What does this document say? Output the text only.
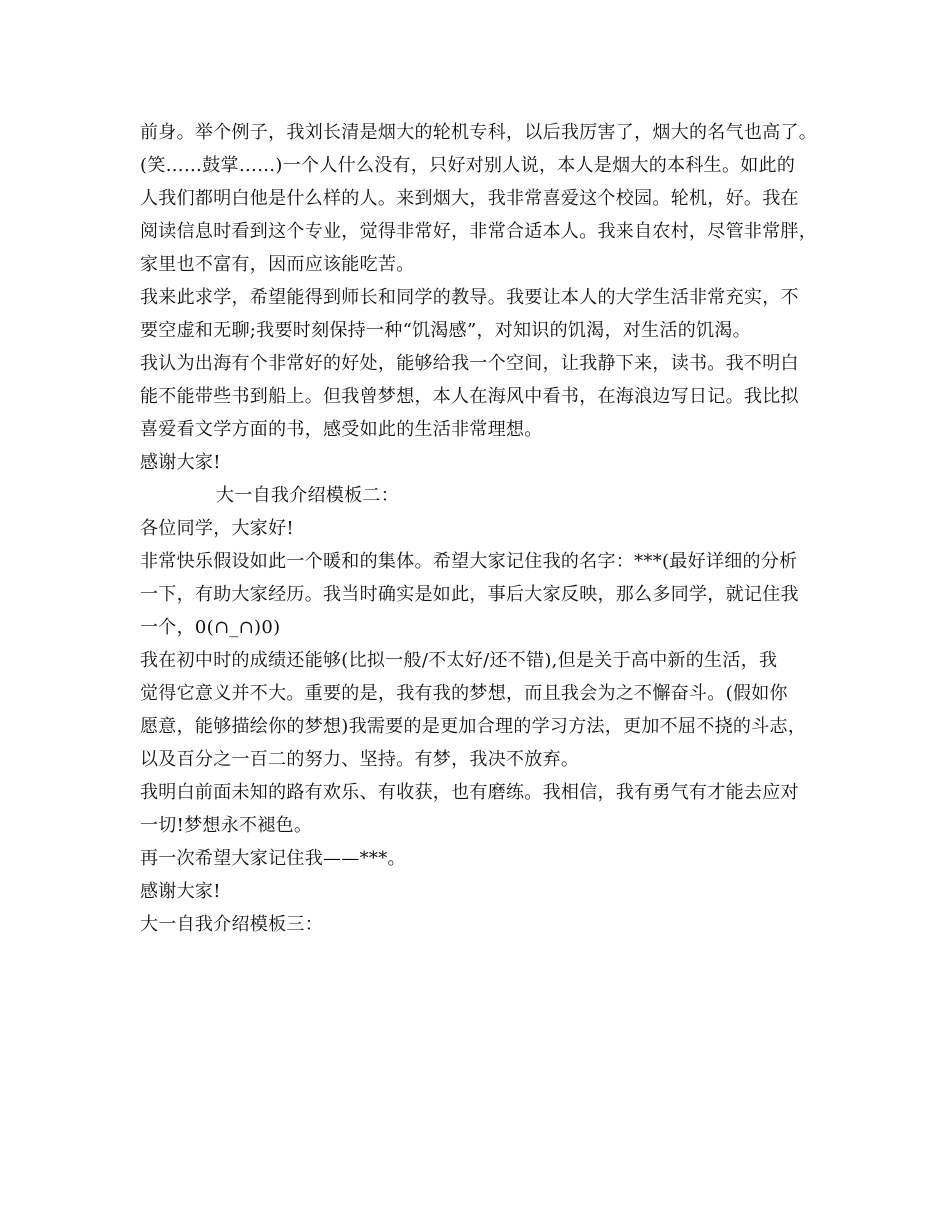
前身。举个例子，我刘长清是烟大的轮机专科，以后我厉害了，烟大的名气也高了。
(笑……鼓掌……)一个人什么没有，只好对别人说，本人是烟大的本科生。如此的
人我们都明白他是什么样的人。来到烟大，我非常喜爱这个校园。轮机，好。我在
阅读信息时看到这个专业，觉得非常好，非常合适本人。我来自农村，尽管非常胖，
家里也不富有，因而应该能吃苦。

我来此求学，希望能得到师长和同学的教导。我要让本人的大学生活非常充实，不
要空虚和无聊;我要时刻保持一种“饥渴感”，对知识的饥渴，对生活的饥渴。

我认为出海有个非常好的好处，能够给我一个空间，让我静下来，读书。我不明白
能不能带些书到船上。但我曾梦想，本人在海风中看书，在海浪边写日记。我比拟
喜爱看文学方面的书，感受如此的生活非常理想。

感谢大家!

大一自我介绍模板二：

各位同学，大家好!

非常快乐假设如此一个暖和的集体。希望大家记住我的名字：***(最好详细的分析
一下，有助大家经历。我当时确实是如此，事后大家反映，那么多同学，就记住我
一个，0(∩_∩)0)

我在初中时的成绩还能够(比拟一般/不太好/还不错),但是关于高中新的生活，我
觉得它意义并不大。重要的是，我有我的梦想，而且我会为之不懈奋斗。(假如你
愿意，能够描绘你的梦想)我需要的是更加合理的学习方法，更加不屈不挠的斗志，
以及百分之一百二的努力、坚持。有梦，我决不放弃。

我明白前面未知的路有欢乐、有收获，也有磨练。我相信，我有勇气有才能去应对
一切!梦想永不褪色。

再一次希望大家记住我——***。

感谢大家!

大一自我介绍模板三：
